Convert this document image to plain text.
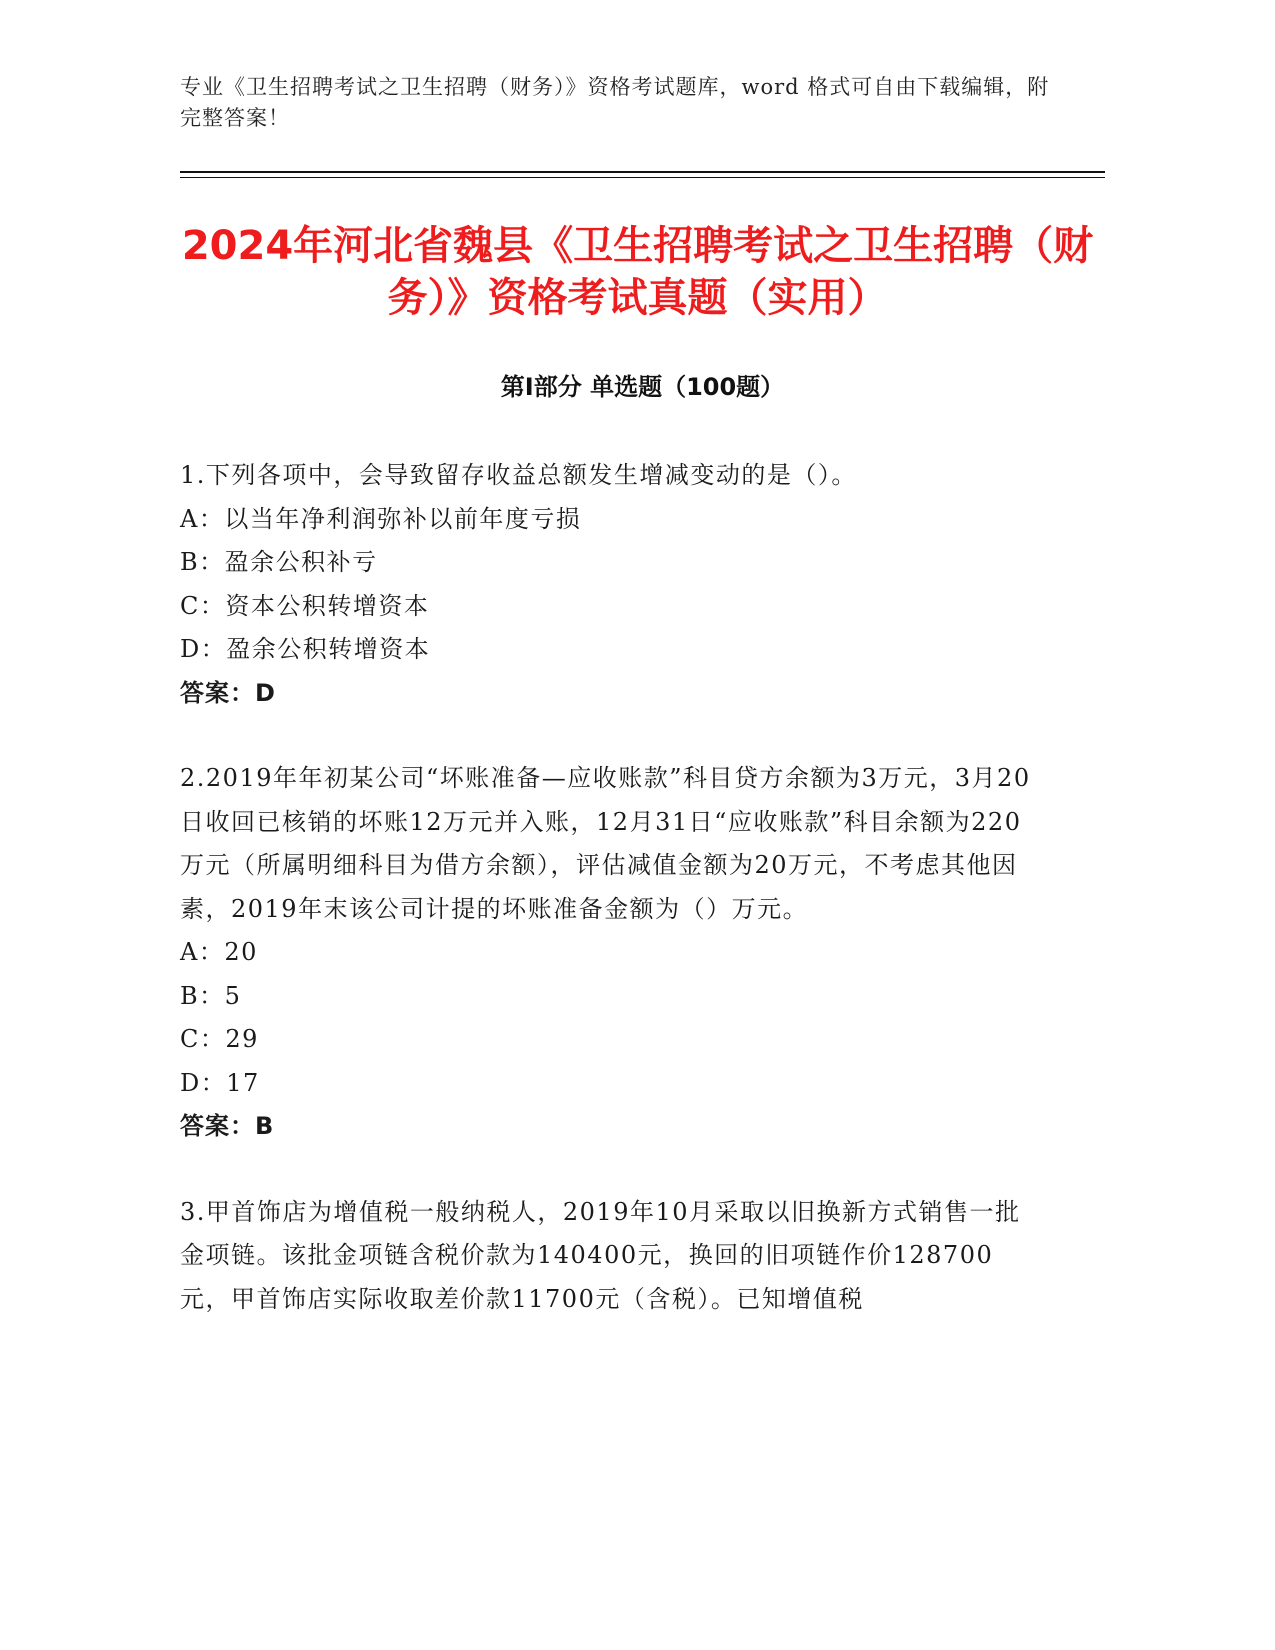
专业《卫生招聘考试之卫生招聘（财务）》资格考试题库，word 格式可自由下载编辑，附完整答案！
2024年河北省魏县《卫生招聘考试之卫生招聘（财务）》资格考试真题（实用）
第Ⅰ部分 单选题（100题）
1.下列各项中，会导致留存收益总额发生增减变动的是（）。
A：以当年净利润弥补以前年度亏损
B：盈余公积补亏
C：资本公积转增资本
D：盈余公积转增资本
答案：D
2.2019年年初某公司“坏账准备—应收账款”科目贷方余额为3万元，3月20日收回已核销的坏账12万元并入账，12月31日“应收账款”科目余额为220万元（所属明细科目为借方余额），评估减值金额为20万元，不考虑其他因素，2019年末该公司计提的坏账准备金额为（）万元。
A：20
B：5
C：29
D：17
答案：B
3.甲首饰店为增值税一般纳税人，2019年10月采取以旧换新方式销售一批金项链。该批金项链含税价款为140400元，换回的旧项链作价128700元，甲首饰店实际收取差价款11700元（含税）。已知增值税
